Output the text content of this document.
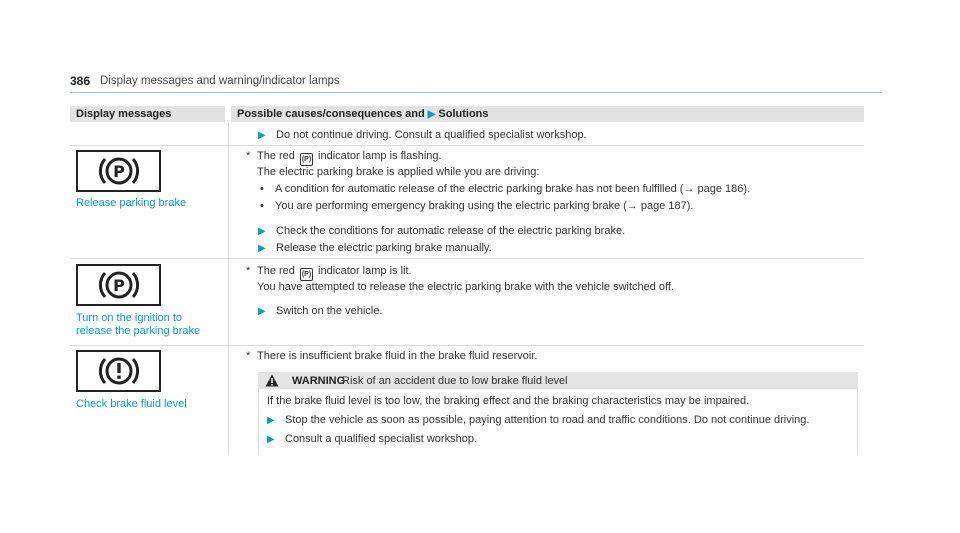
386 Display messages and warning/indicator lamps
Display messages	Possible causes/consequences and ▶ Solutions
▶ Do not continue driving. Consult a qualified specialist workshop.
P
Release parking brake
* The red (P) indicator lamp is flashing.
The electric parking brake is applied while you are driving:
• A condition for automatic release of the electric parking brake has not been fulfilled (→ page 186).
• You are performing emergency braking using the electric parking brake (→ page 187).
▶ Check the conditions for automatic release of the electric parking brake.
▶ Release the electric parking brake manually.
P
Turn on the ignition to
release the parking brake
* The red (P) indicator lamp is lit.
You have attempted to release the electric parking brake with the vehicle switched off.
▶ Switch on the vehicle.
Check brake fluid level
* There is insufficient brake fluid in the brake fluid reservoir.
WARNING
Risk of an accident due to low brake fluid level
If the brake fluid level is too low, the braking effect and the braking characteristics may be impaired.
▶ Stop the vehicle as soon as possible, paying attention to road and traffic conditions. Do not continue driving.
▶ Consult a qualified specialist workshop.
